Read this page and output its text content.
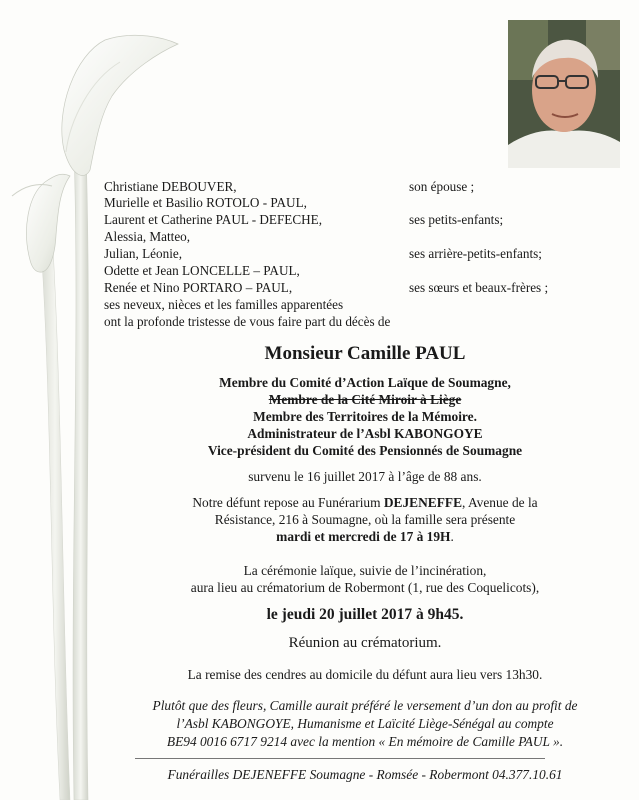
Christiane DEBOUVER,	son épouse ;
Murielle et Basilio ROTOLO - PAUL,
Laurent et Catherine PAUL - DEFECHE,	ses petits-enfants;
Alessia, Matteo,
Julian, Léonie,	ses arrière-petits-enfants;
Odette et Jean LONCELLE – PAUL,
Renée et Nino PORTARO – PAUL,	ses sœurs et beaux-frères ;
ses neveux, nièces et les familles apparentées
ont la profonde tristesse de vous faire part du décès de
Monsieur Camille PAUL
Membre du Comité d’Action Laïque de Soumagne,
Membre de la Cité Miroir à Liège
Membre des Territoires de la Mémoire.
Administrateur de l’Asbl KABONGOYE
Vice-président du Comité des Pensionnés de Soumagne
survenu le 16 juillet 2017 à l’âge de 88 ans.
Notre défunt repose au Funérarium DEJENEFFE, Avenue de la
Résistance, 216 à Soumagne, où la famille sera présente
mardi et mercredi de 17 à 19H.
La cérémonie laïque, suivie de l’incinération,
aura lieu au crématorium de Robermont (1, rue des Coquelicots),
le jeudi 20 juillet 2017 à 9h45.
Réunion au crématorium.
La remise des cendres au domicile du défunt aura lieu vers 13h30.
Plutôt que des fleurs, Camille aurait préféré le versement d’un don au profit de
l’Asbl KABONGOYE, Humanisme et Laïcité Liège-Sénégal au compte
BE94 0016 6717 9214 avec la mention « En mémoire de Camille PAUL ».
Funérailles DEJENEFFE Soumagne - Romsée - Robermont 04.377.10.61
